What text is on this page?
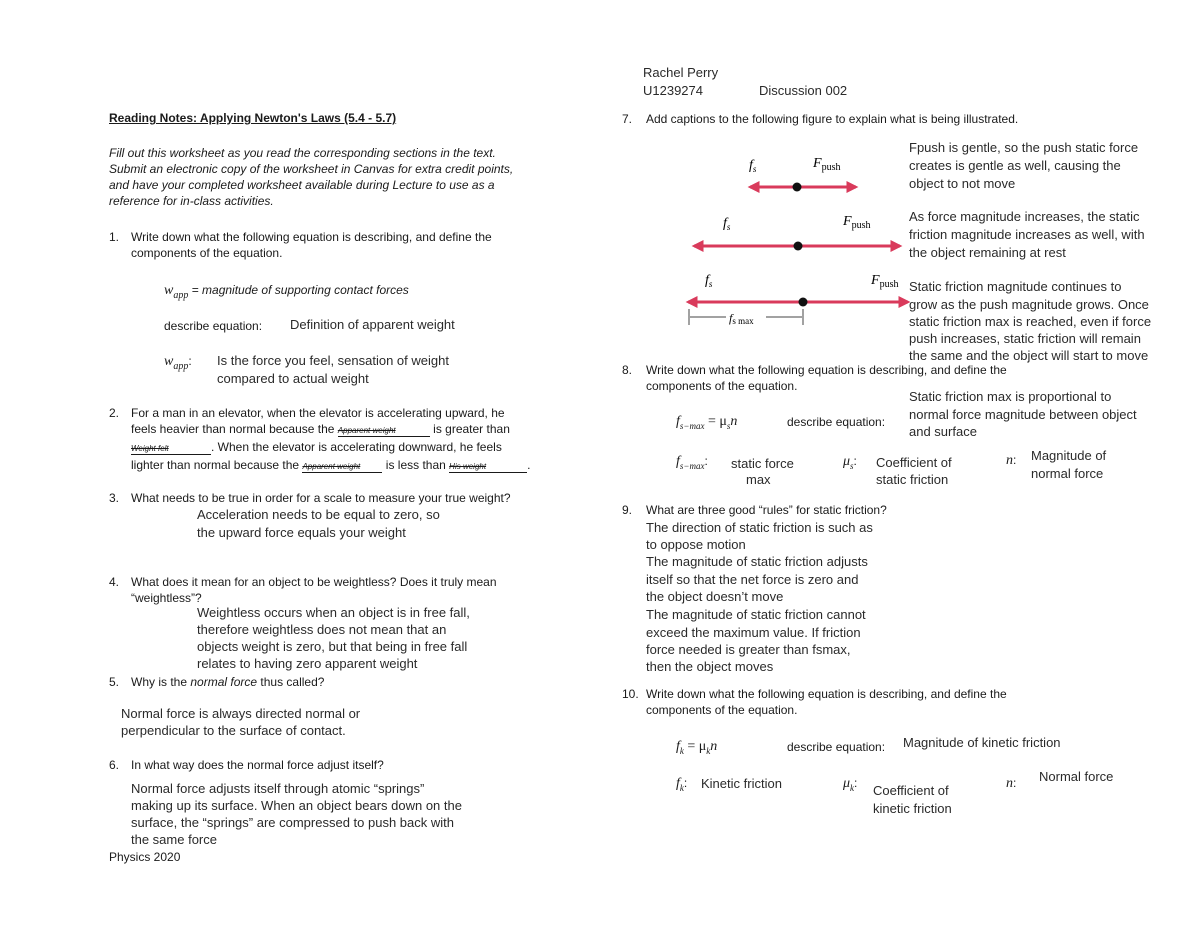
Reading Notes: Applying Newton's Laws (5.4 - 5.7)
Fill out this worksheet as you read the corresponding sections in the text.
Submit an electronic copy of the worksheet in Canvas for extra credit points,
and have your completed worksheet available during Lecture to use as a
reference for in-class activities.
1. Write down what the following equation is describing, and define the
components of the equation.
$w_{app}$ = magnitude of supporting contact forces
describe equation: Definition of apparent weight
$w_{app}$: Is the force you feel, sensation of weight
compared to actual weight
2. For a man in an elevator, when the elevator is accelerating upward, he
feels heavier than normal because the Apparent weight	is greater than
Weight felt	. When the elevator is accelerating downward, he feels
lighter than normal because the Apparent weight is less than His weight	.
3. What needs to be true in order for a scale to measure your true weight?
Acceleration needs to be equal to zero, so
the upward force equals your weight
4. What does it mean for an object to be weightless? Does it truly mean
“weightless”?
Weightless occurs when an object is in free fall,
therefore weightless does not mean that an
objects weight is zero, but that being in free fall
relates to having zero apparent weight
5. Why is the normal force thus called?
Normal force is always directed normal or
perpendicular to the surface of contact.
6. In what way does the normal force adjust itself?
Normal force adjusts itself through atomic “springs”
making up its surface. When an object bears down on the
surface, the “springs” are compressed to push back with
the same force
Physics 2020
Rachel Perry
U1239274	Discussion 002
7. Add captions to the following figure to explain what is being illustrated.
$f_s$	$F_{push}$
$f_s$	$F_{push}$
$f_s$	$F_{push}$
fs max
Fpush is gentle, so the push static force
creates is gentle as well, causing the
object to not move
As force magnitude increases, the static
friction magnitude increases as well, with
the object remaining at rest
Static friction magnitude continues to
grow as the push magnitude grows. Once
static friction max is reached, even if force
push increases, static friction will remain
the same and the object will start to move
8. Write down what the following equation is describing, and define the
components of the equation.
$f_{s-max} = \mu_sn$	describe equation:
Static friction max is proportional to
normal force magnitude between object
and surface
$f_{s-max}$: static force
max
$\mu_s$: Coefficient of
static friction
n: Magnitude of
normal force
9. What are three good “rules” for static friction?
The direction of static friction is such as
to oppose motion
The magnitude of static friction adjusts
itself so that the net force is zero and
the object doesn’t move
The magnitude of static friction cannot
exceed the maximum value. If friction
force needed is greater than fsmax,
then the object moves
10. Write down what the following equation is describing, and define the
components of the equation.
$f_k = \mu_kn$	describe equation: Magnitude of kinetic friction
$f_k$: Kinetic friction	$\mu_k$: Coefficient of
kinetic friction
n: Normal force
